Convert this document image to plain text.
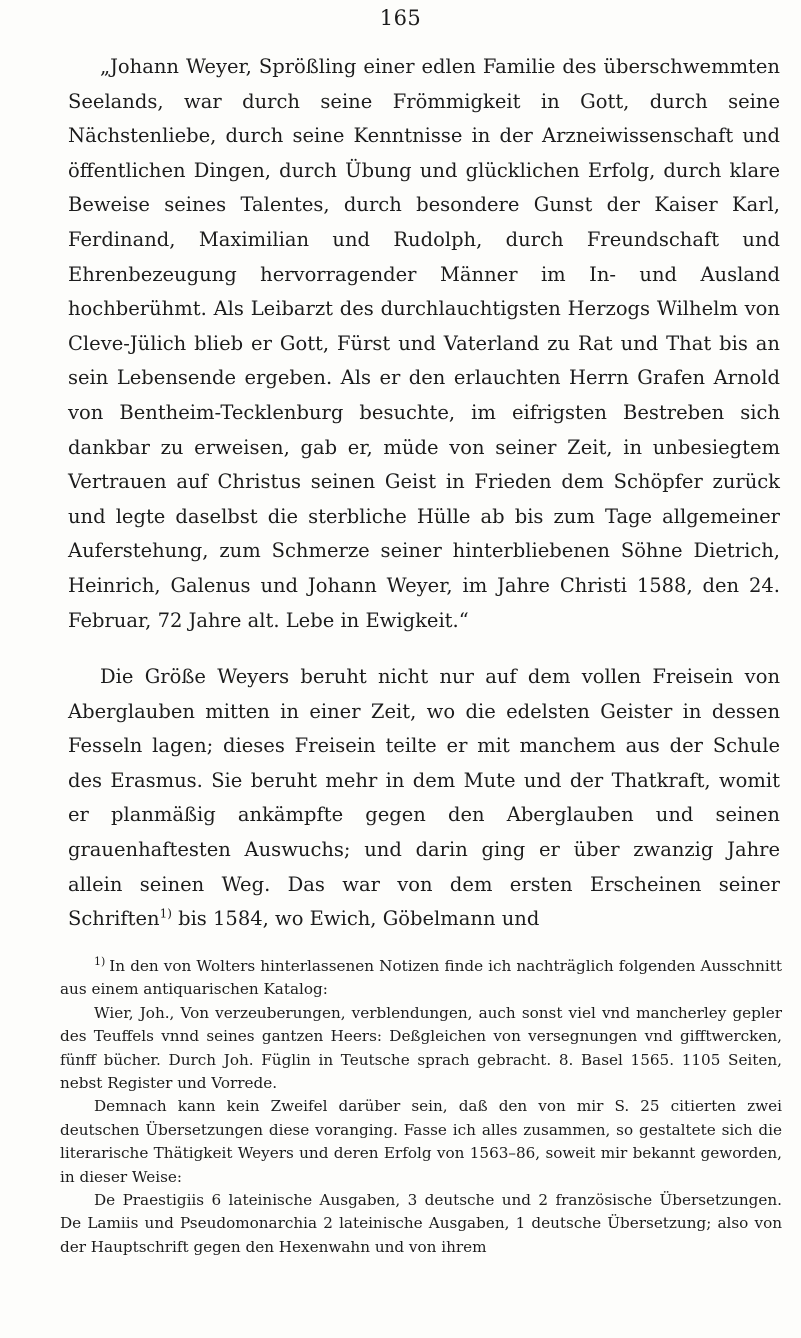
165

„Johann Weyer, Sprößling einer edlen Familie des überschwemmten Seelands, war durch seine Frömmigkeit in Gott, durch seine Nächstenliebe, durch seine Kenntnisse in der Arzneiwissenschaft und öffentlichen Dingen, durch Übung und glücklichen Erfolg, durch klare Beweise seines Talentes, durch besondere Gunst der Kaiser Karl, Ferdinand, Maximilian und Rudolph, durch Freundschaft und Ehrenbezeugung hervorragender Männer im In- und Ausland hochberühmt. Als Leibarzt des durchlauchtigsten Herzogs Wilhelm von Cleve-Jülich blieb er Gott, Fürst und Vaterland zu Rat und That bis an sein Lebensende ergeben. Als er den erlauchten Herrn Grafen Arnold von Bentheim-Tecklenburg besuchte, im eifrigsten Bestreben sich dankbar zu erweisen, gab er, müde von seiner Zeit, in unbesiegtem Vertrauen auf Christus seinen Geist in Frieden dem Schöpfer zurück und legte daselbst die sterbliche Hülle ab bis zum Tage allgemeiner Auferstehung, zum Schmerze seiner hinterbliebenen Söhne Dietrich, Heinrich, Galenus und Johann Weyer, im Jahre Christi 1588, den 24. Februar, 72 Jahre alt. Lebe in Ewigkeit.“

Die Größe Weyers beruht nicht nur auf dem vollen Freisein von Aberglauben mitten in einer Zeit, wo die edelsten Geister in dessen Fesseln lagen; dieses Freisein teilte er mit manchem aus der Schule des Erasmus. Sie beruht mehr in dem Mute und der Thatkraft, womit er planmäßig ankämpfte gegen den Aberglauben und seinen grauenhaftesten Auswuchs; und darin ging er über zwanzig Jahre allein seinen Weg. Das war von dem ersten Erscheinen seiner Schriften$^{1)}$ bis 1584, wo Ewich, Göbelmann und

$^{1)}$ In den von Wolters hinterlassenen Notizen finde ich nachträglich folgenden Ausschnitt aus einem antiquarischen Katalog:

Wier, Joh., Von verzeuberungen, verblendungen, auch sonst viel vnd mancherley gepler des Teuffels vnnd seines gantzen Heers: Deßgleichen von versegnungen vnd gifftwercken, fünff bücher. Durch Joh. Füglin in Teutsche sprach gebracht. 8. Basel 1565. 1105 Seiten, nebst Register und Vorrede.

Demnach kann kein Zweifel darüber sein, daß den von mir S. 25 citierten zwei deutschen Übersetzungen diese voranging. Fasse ich alles zusammen, so gestaltete sich die literarische Thätigkeit Weyers und deren Erfolg von 1563–86, soweit mir bekannt geworden, in dieser Weise:

De Praestigiis 6 lateinische Ausgaben, 3 deutsche und 2 französische Übersetzungen. De Lamiis und Pseudomonarchia 2 lateinische Ausgaben, 1 deutsche Übersetzung; also von der Hauptschrift gegen den Hexenwahn und von ihrem
